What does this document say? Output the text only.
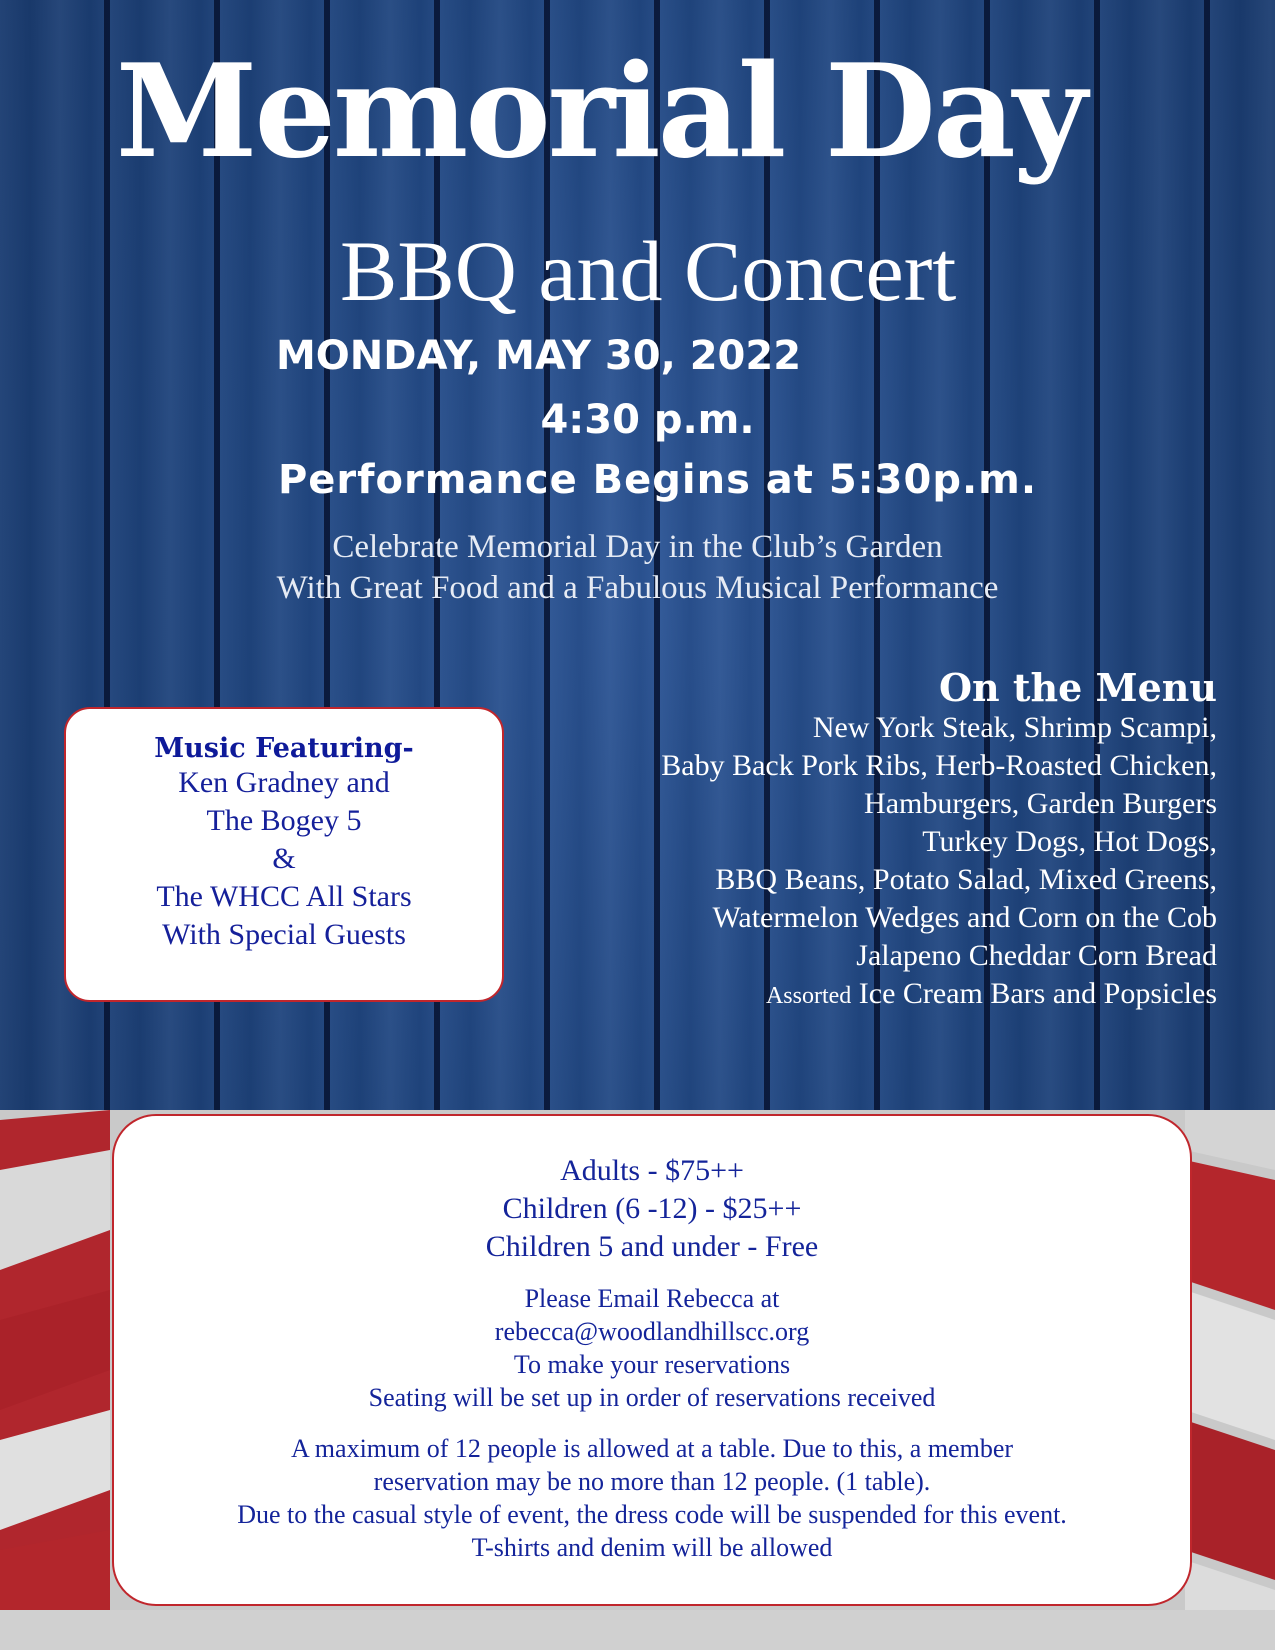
Memorial Day
BBQ and Concert
MONDAY, MAY 30, 2022
4:30 p.m.
Performance Begins at 5:30p.m.
Celebrate Memorial Day in the Club’s Garden
With Great Food and a Fabulous Musical Performance
On the Menu
New York Steak, Shrimp Scampi,
Baby Back Pork Ribs, Herb-Roasted Chicken,
Hamburgers, Garden Burgers
Turkey Dogs, Hot Dogs,
BBQ Beans, Potato Salad, Mixed Greens,
Watermelon Wedges and Corn on the Cob
Jalapeno Cheddar Corn Bread
Assorted Ice Cream Bars and Popsicles
Music Featuring-
Ken Gradney and
The Bogey 5
&
The WHCC All Stars
With Special Guests
Adults - $75++
Children (6 -12) - $25++
Children 5 and under - Free
Please Email Rebecca at
rebecca@woodlandhillscc.org
To make your reservations
Seating will be set up in order of reservations received
A maximum of 12 people is allowed at a table. Due to this, a member
reservation may be no more than 12 people. (1 table).
Due to the casual style of event, the dress code will be suspended for this event.
T-shirts and denim will be allowed
